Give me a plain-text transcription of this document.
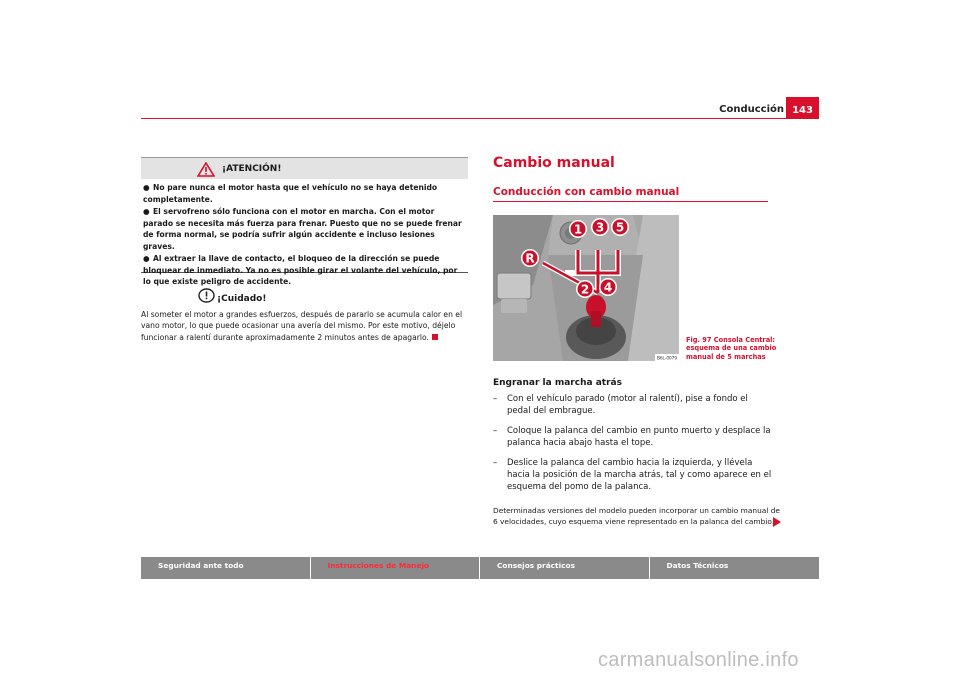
Conducción 143
¡ATENCIÓN!
● No pare nunca el motor hasta que el vehículo no se haya detenido completamente.
● El servofreno sólo funciona con el motor en marcha. Con el motor parado se necesita más fuerza para frenar. Puesto que no se puede frenar de forma normal, se podría sufrir algún accidente e incluso lesiones graves.
● Al extraer la llave de contacto, el bloqueo de la dirección se puede bloquear de inmediato. Ya no es posible girar el volante del vehículo, por lo que existe peligro de accidente.
¡Cuidado!
Al someter el motor a grandes esfuerzos, después de pararlo se acumula calor en el vano motor, lo que puede ocasionar una avería del mismo. Por este motivo, déjelo funcionar a ralentí durante aproximadamente 2 minutos antes de apagarlo.
Cambio manual
Conducción con cambio manual
1 3 5
R
2 4
B6L-0079
Fig. 97 Consola Central:
esquema de una cambio
manual de 5 marchas
Engranar la marcha atrás
– Con el vehículo parado (motor al ralentí), pise a fondo el pedal del embrague.
– Coloque la palanca del cambio en punto muerto y desplace la palanca hacia abajo hasta el tope.
– Deslice la palanca del cambio hacia la izquierda, y llévela hacia la posición de la marcha atrás, tal y como aparece en el esquema del pomo de la palanca.
Determinadas versiones del modelo pueden incorporar un cambio manual de 6 velocidades, cuyo esquema viene representado en la palanca del cambio.
Seguridad ante todo	Instrucciones de Manejo	Consejos prácticos	Datos Técnicos
carmanualsonline.info
